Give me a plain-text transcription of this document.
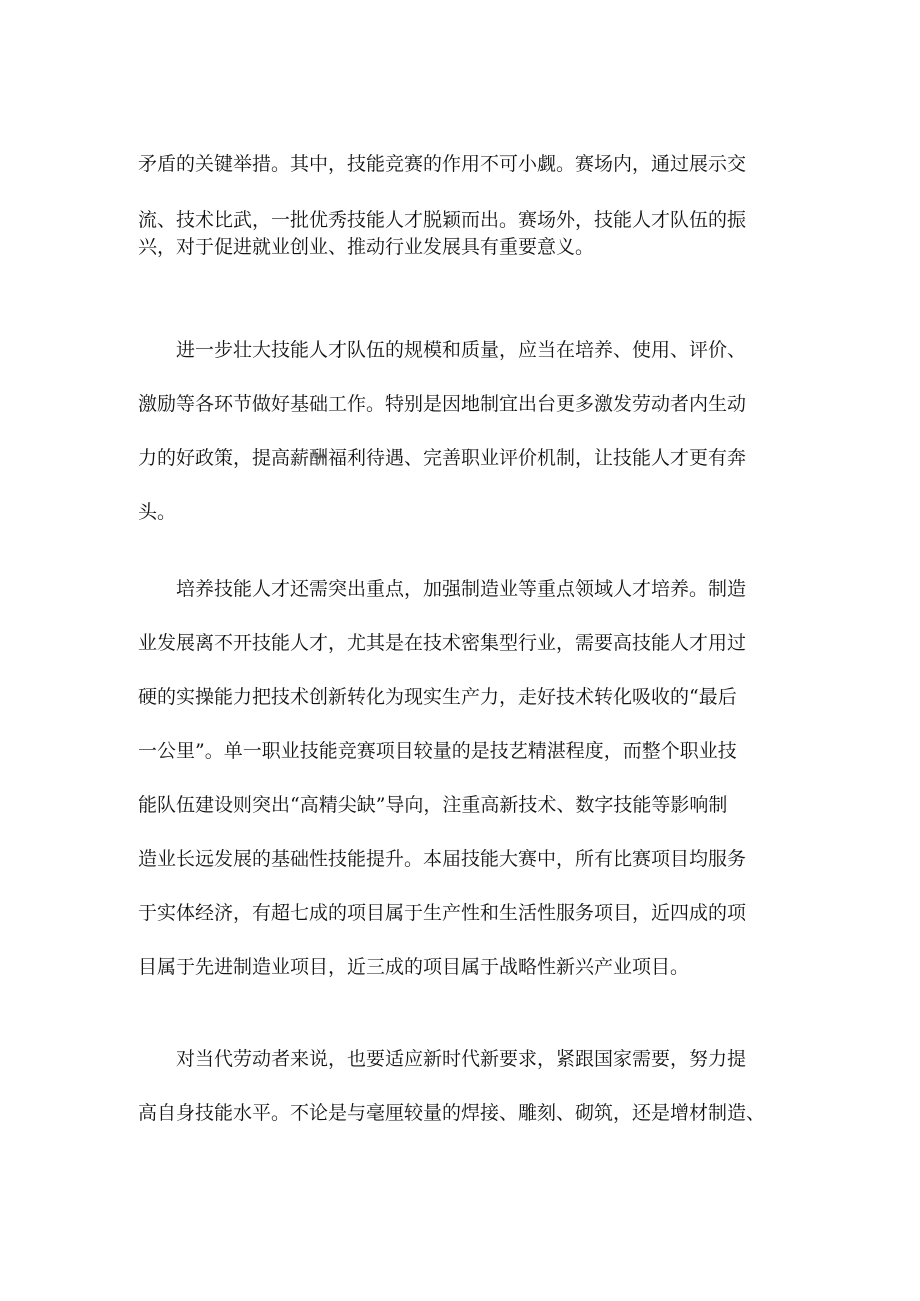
矛盾的关键举措。其中，技能竞赛的作用不可小觑。赛场内，通过展示交
流、技术比武，一批优秀技能人才脱颖而出。赛场外，技能人才队伍的振
兴，对于促进就业创业、推动行业发展具有重要意义。
进一步壮大技能人才队伍的规模和质量，应当在培养、使用、评价、
激励等各环节做好基础工作。特别是因地制宜出台更多激发劳动者内生动
力的好政策，提高薪酬福利待遇、完善职业评价机制，让技能人才更有奔
头。
培养技能人才还需突出重点，加强制造业等重点领域人才培养。制造
业发展离不开技能人才，尤其是在技术密集型行业，需要高技能人才用过
硬的实操能力把技术创新转化为现实生产力，走好技术转化吸收的“最后
一公里”。单一职业技能竞赛项目较量的是技艺精湛程度，而整个职业技
能队伍建设则突出“高精尖缺”导向，注重高新技术、数字技能等影响制
造业长远发展的基础性技能提升。本届技能大赛中，所有比赛项目均服务
于实体经济，有超七成的项目属于生产性和生活性服务项目，近四成的项
目属于先进制造业项目，近三成的项目属于战略性新兴产业项目。
对当代劳动者来说，也要适应新时代新要求，紧跟国家需要，努力提
高自身技能水平。不论是与毫厘较量的焊接、雕刻、砌筑，还是增材制造、
